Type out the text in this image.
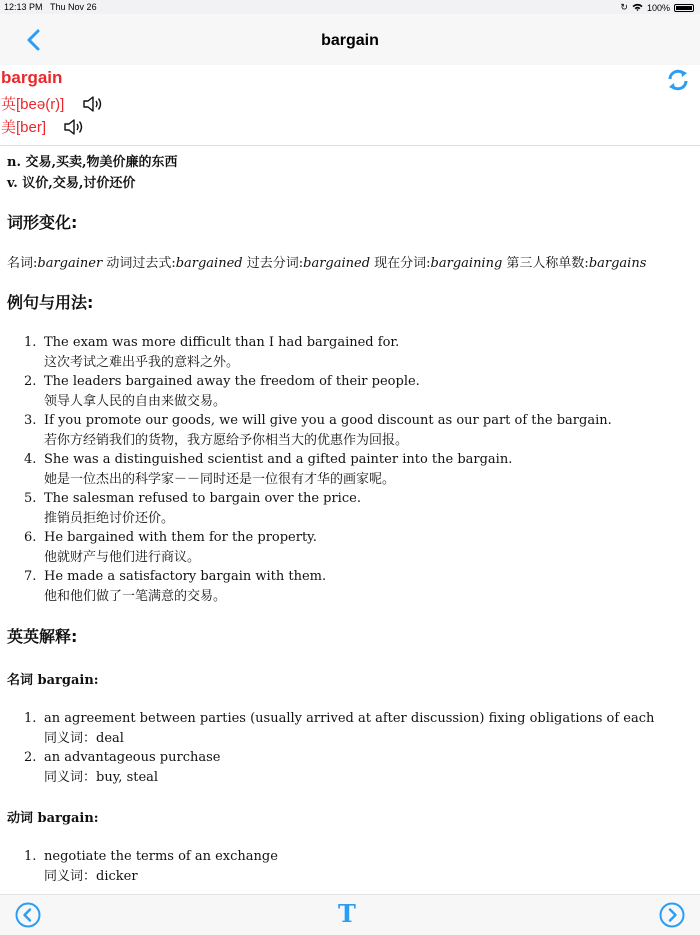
12:13 PM Thu Nov 26	↻ 100%
bargain
bargain
英[beə(r)]
美[ber]
n. 交易,买卖,物美价廉的东西
v. 议价,交易,讨价还价
词形变化:
名词:bargainer 动词过去式:bargained 过去分词:bargained 现在分词:bargaining 第三人称单数:bargains
例句与用法:
1. The exam was more difficult than I had bargained for.
这次考试之难出乎我的意料之外。
2. The leaders bargained away the freedom of their people.
领导人拿人民的自由来做交易。
3. If you promote our goods, we will give you a good discount as our part of the bargain.
若你方经销我们的货物，我方愿给予你相当大的优惠作为回报。
4. She was a distinguished scientist and a gifted painter into the bargain.
她是一位杰出的科学家－－同时还是一位很有才华的画家呢。
5. The salesman refused to bargain over the price.
推销员拒绝讨价还价。
6. He bargained with them for the property.
他就财产与他们进行商议。
7. He made a satisfactory bargain with them.
他和他们做了一笔满意的交易。
英英解释:
名词 bargain:
1. an agreement between parties (usually arrived at after discussion) fixing obligations of each
同义词：deal
2. an advantageous purchase
同义词：buy, steal
动词 bargain:
1. negotiate the terms of an exchange
同义词：dicker
T
